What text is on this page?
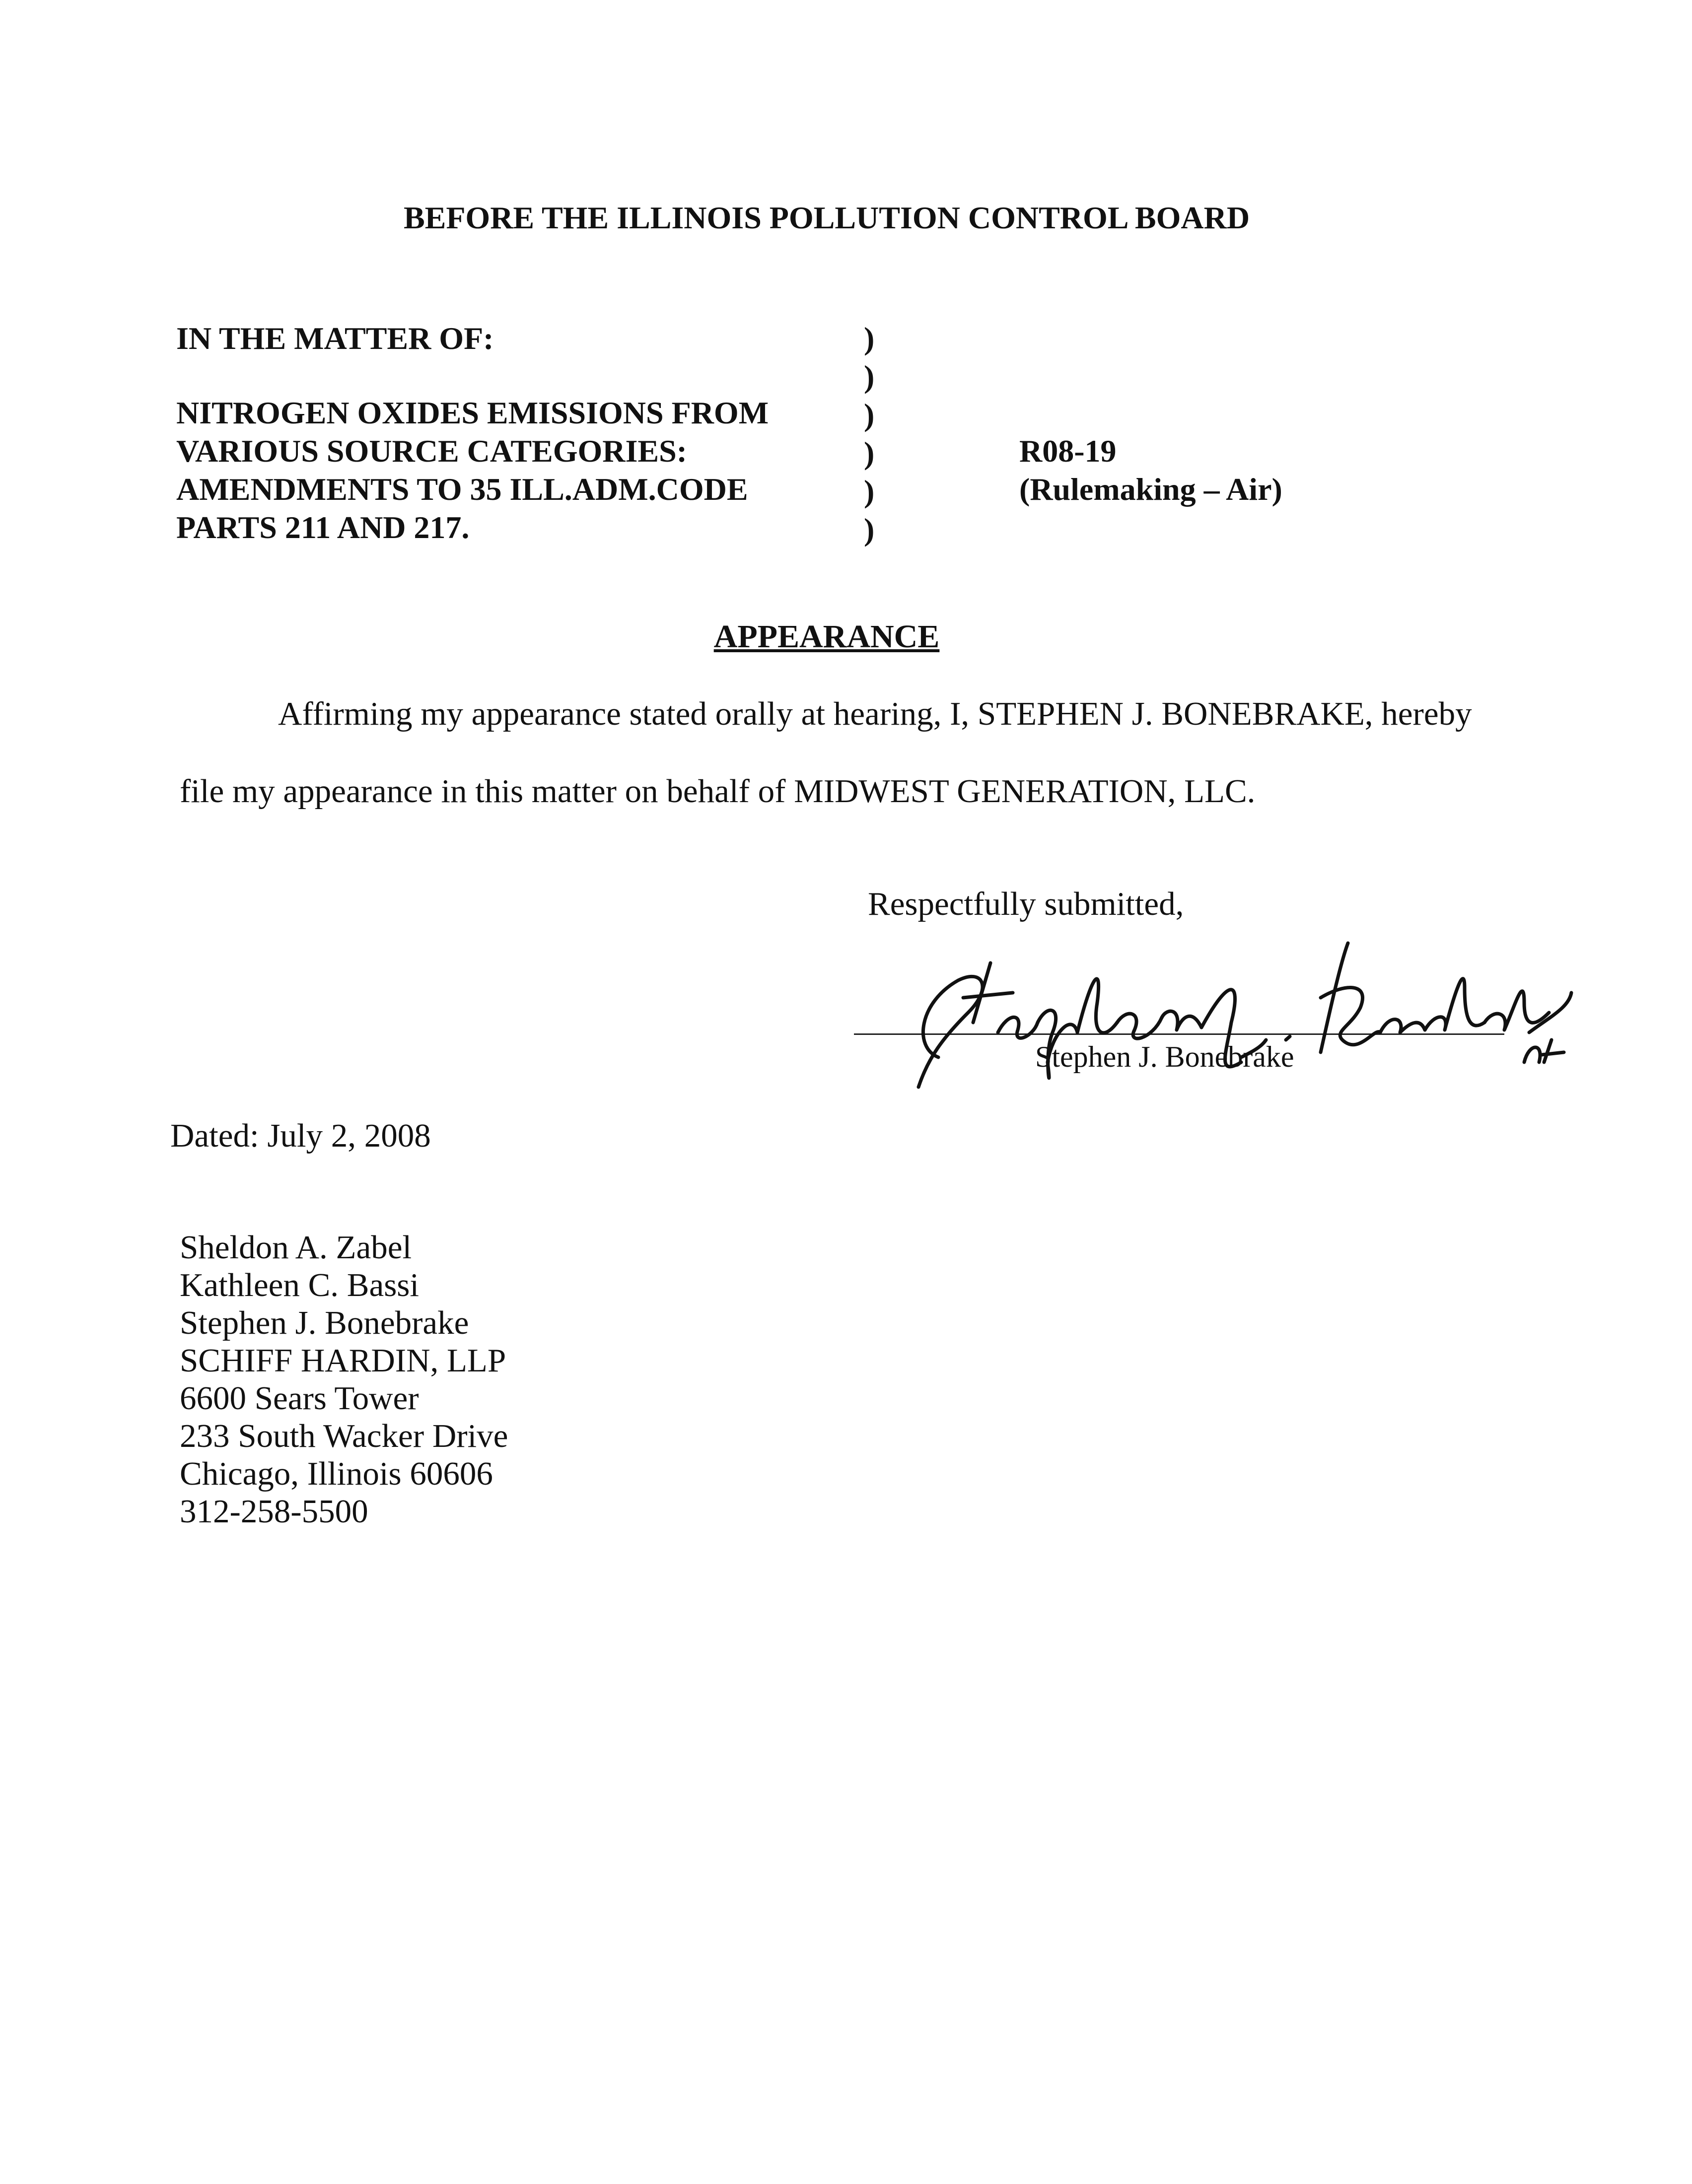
BEFORE THE ILLINOIS POLLUTION CONTROL BOARD
IN THE MATTER OF:
NITROGEN OXIDES EMISSIONS FROM
VARIOUS SOURCE CATEGORIES:
AMENDMENTS TO 35 ILL.ADM.CODE
PARTS 211 AND 217.
)
)
)
)
)
)
R08-19
(Rulemaking – Air)
APPEARANCE
Affirming my appearance stated orally at hearing, I, STEPHEN J. BONEBRAKE, hereby
file my appearance in this matter on behalf of MIDWEST GENERATION, LLC.
Respectfully submitted,
Stephen J. Bonebrake
Dated: July 2, 2008
Sheldon A. Zabel
Kathleen C. Bassi
Stephen J. Bonebrake
SCHIFF HARDIN, LLP
6600 Sears Tower
233 South Wacker Drive
Chicago, Illinois 60606
312-258-5500
